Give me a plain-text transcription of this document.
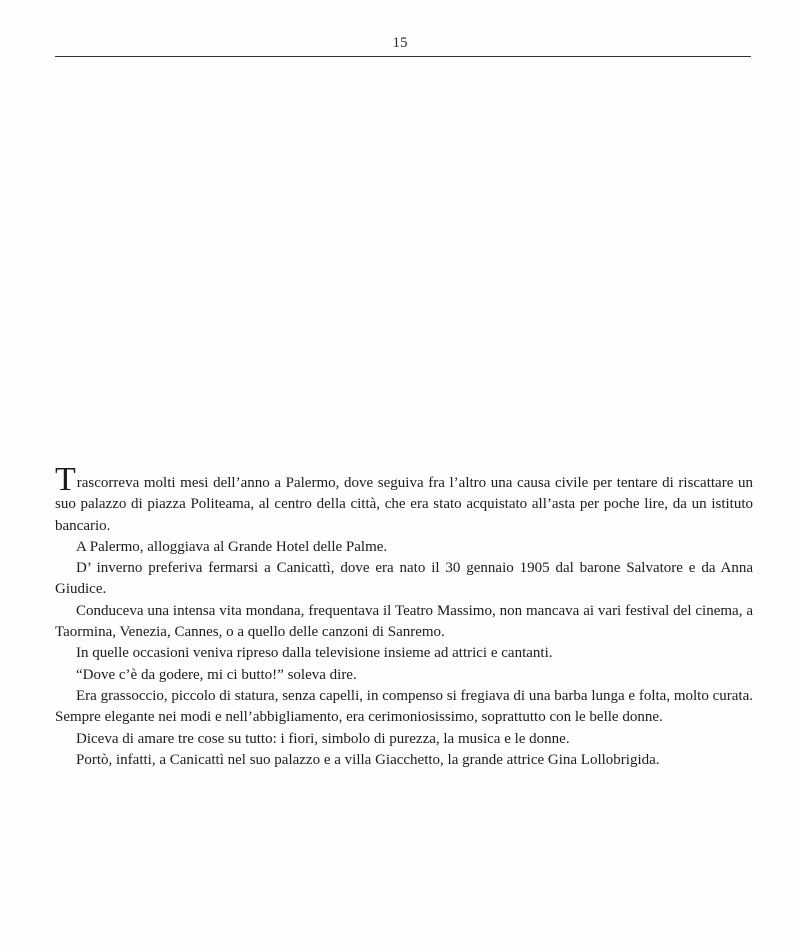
15

Trascorreva molti mesi dell’anno a Palermo, dove seguiva fra l’altro una causa civile per tentare di riscattare un suo palazzo di piazza Politeama, al centro della città, che era stato acquistato all’asta per poche lire, da un istituto bancario.

A Palermo, alloggiava al Grande Hotel delle Palme.

D’ inverno preferiva fermarsi a Canicattì, dove era nato il 30 gennaio 1905 dal barone Salvatore e da Anna Giudice.

Conduceva una intensa vita mondana, frequentava il Teatro Massimo, non mancava ai vari festival del cinema, a Taormina, Venezia, Cannes, o a quello delle canzoni di Sanremo.

In quelle occasioni veniva ripreso dalla televisione insieme ad attrici e cantanti.

“Dove c’è da godere, mi ci butto!” soleva dire.

Era grassoccio, piccolo di statura, senza capelli, in compenso si fregiava di una barba lunga e folta, molto curata. Sempre elegante nei modi e nell’abbigliamento, era cerimoniosissimo, soprattutto con le belle donne.

Diceva di amare tre cose su tutto: i fiori, simbolo di purezza, la musica e le donne.

Portò, infatti, a Canicattì nel suo palazzo e a villa Giacchetto, la grande attrice Gina Lollobrigida.
